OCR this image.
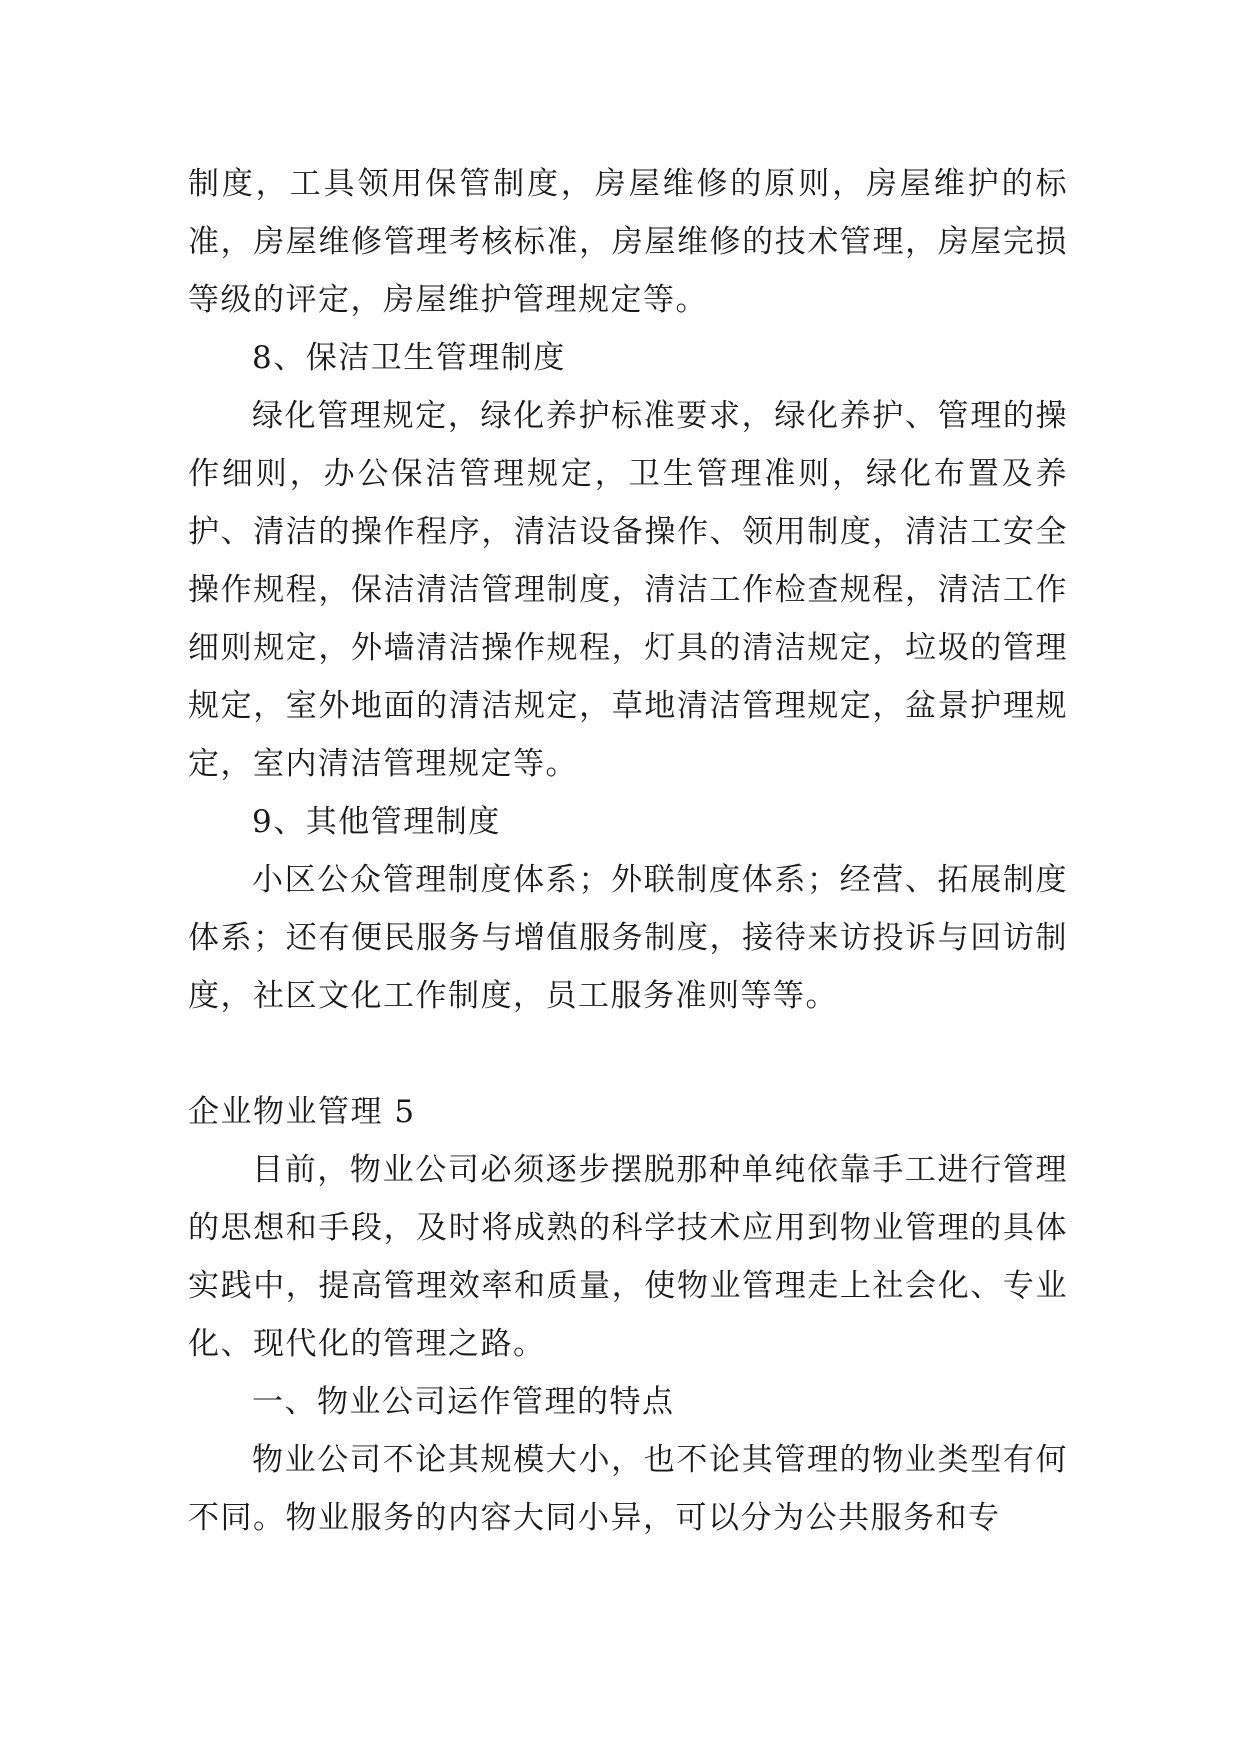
制度，工具领用保管制度，房屋维修的原则，房屋维护的标准，房屋维修管理考核标准，房屋维修的技术管理，房屋完损等级的评定，房屋维护管理规定等。

8、保洁卫生管理制度

绿化管理规定，绿化养护标准要求，绿化养护、管理的操作细则，办公保洁管理规定，卫生管理准则，绿化布置及养护、清洁的操作程序，清洁设备操作、领用制度，清洁工安全操作规程，保洁清洁管理制度，清洁工作检查规程，清洁工作细则规定，外墙清洁操作规程，灯具的清洁规定，垃圾的管理规定，室外地面的清洁规定，草地清洁管理规定，盆景护理规定，室内清洁管理规定等。

9、其他管理制度

小区公众管理制度体系；外联制度体系；经营、拓展制度体系；还有便民服务与增值服务制度，接待来访投诉与回访制度，社区文化工作制度，员工服务准则等等。

企业物业管理 5

目前，物业公司必须逐步摆脱那种单纯依靠手工进行管理的思想和手段，及时将成熟的科学技术应用到物业管理的具体实践中，提高管理效率和质量，使物业管理走上社会化、专业化、现代化的管理之路。

一、物业公司运作管理的特点

物业公司不论其规模大小，也不论其管理的物业类型有何不同。物业服务的内容大同小异，可以分为公共服务和专
